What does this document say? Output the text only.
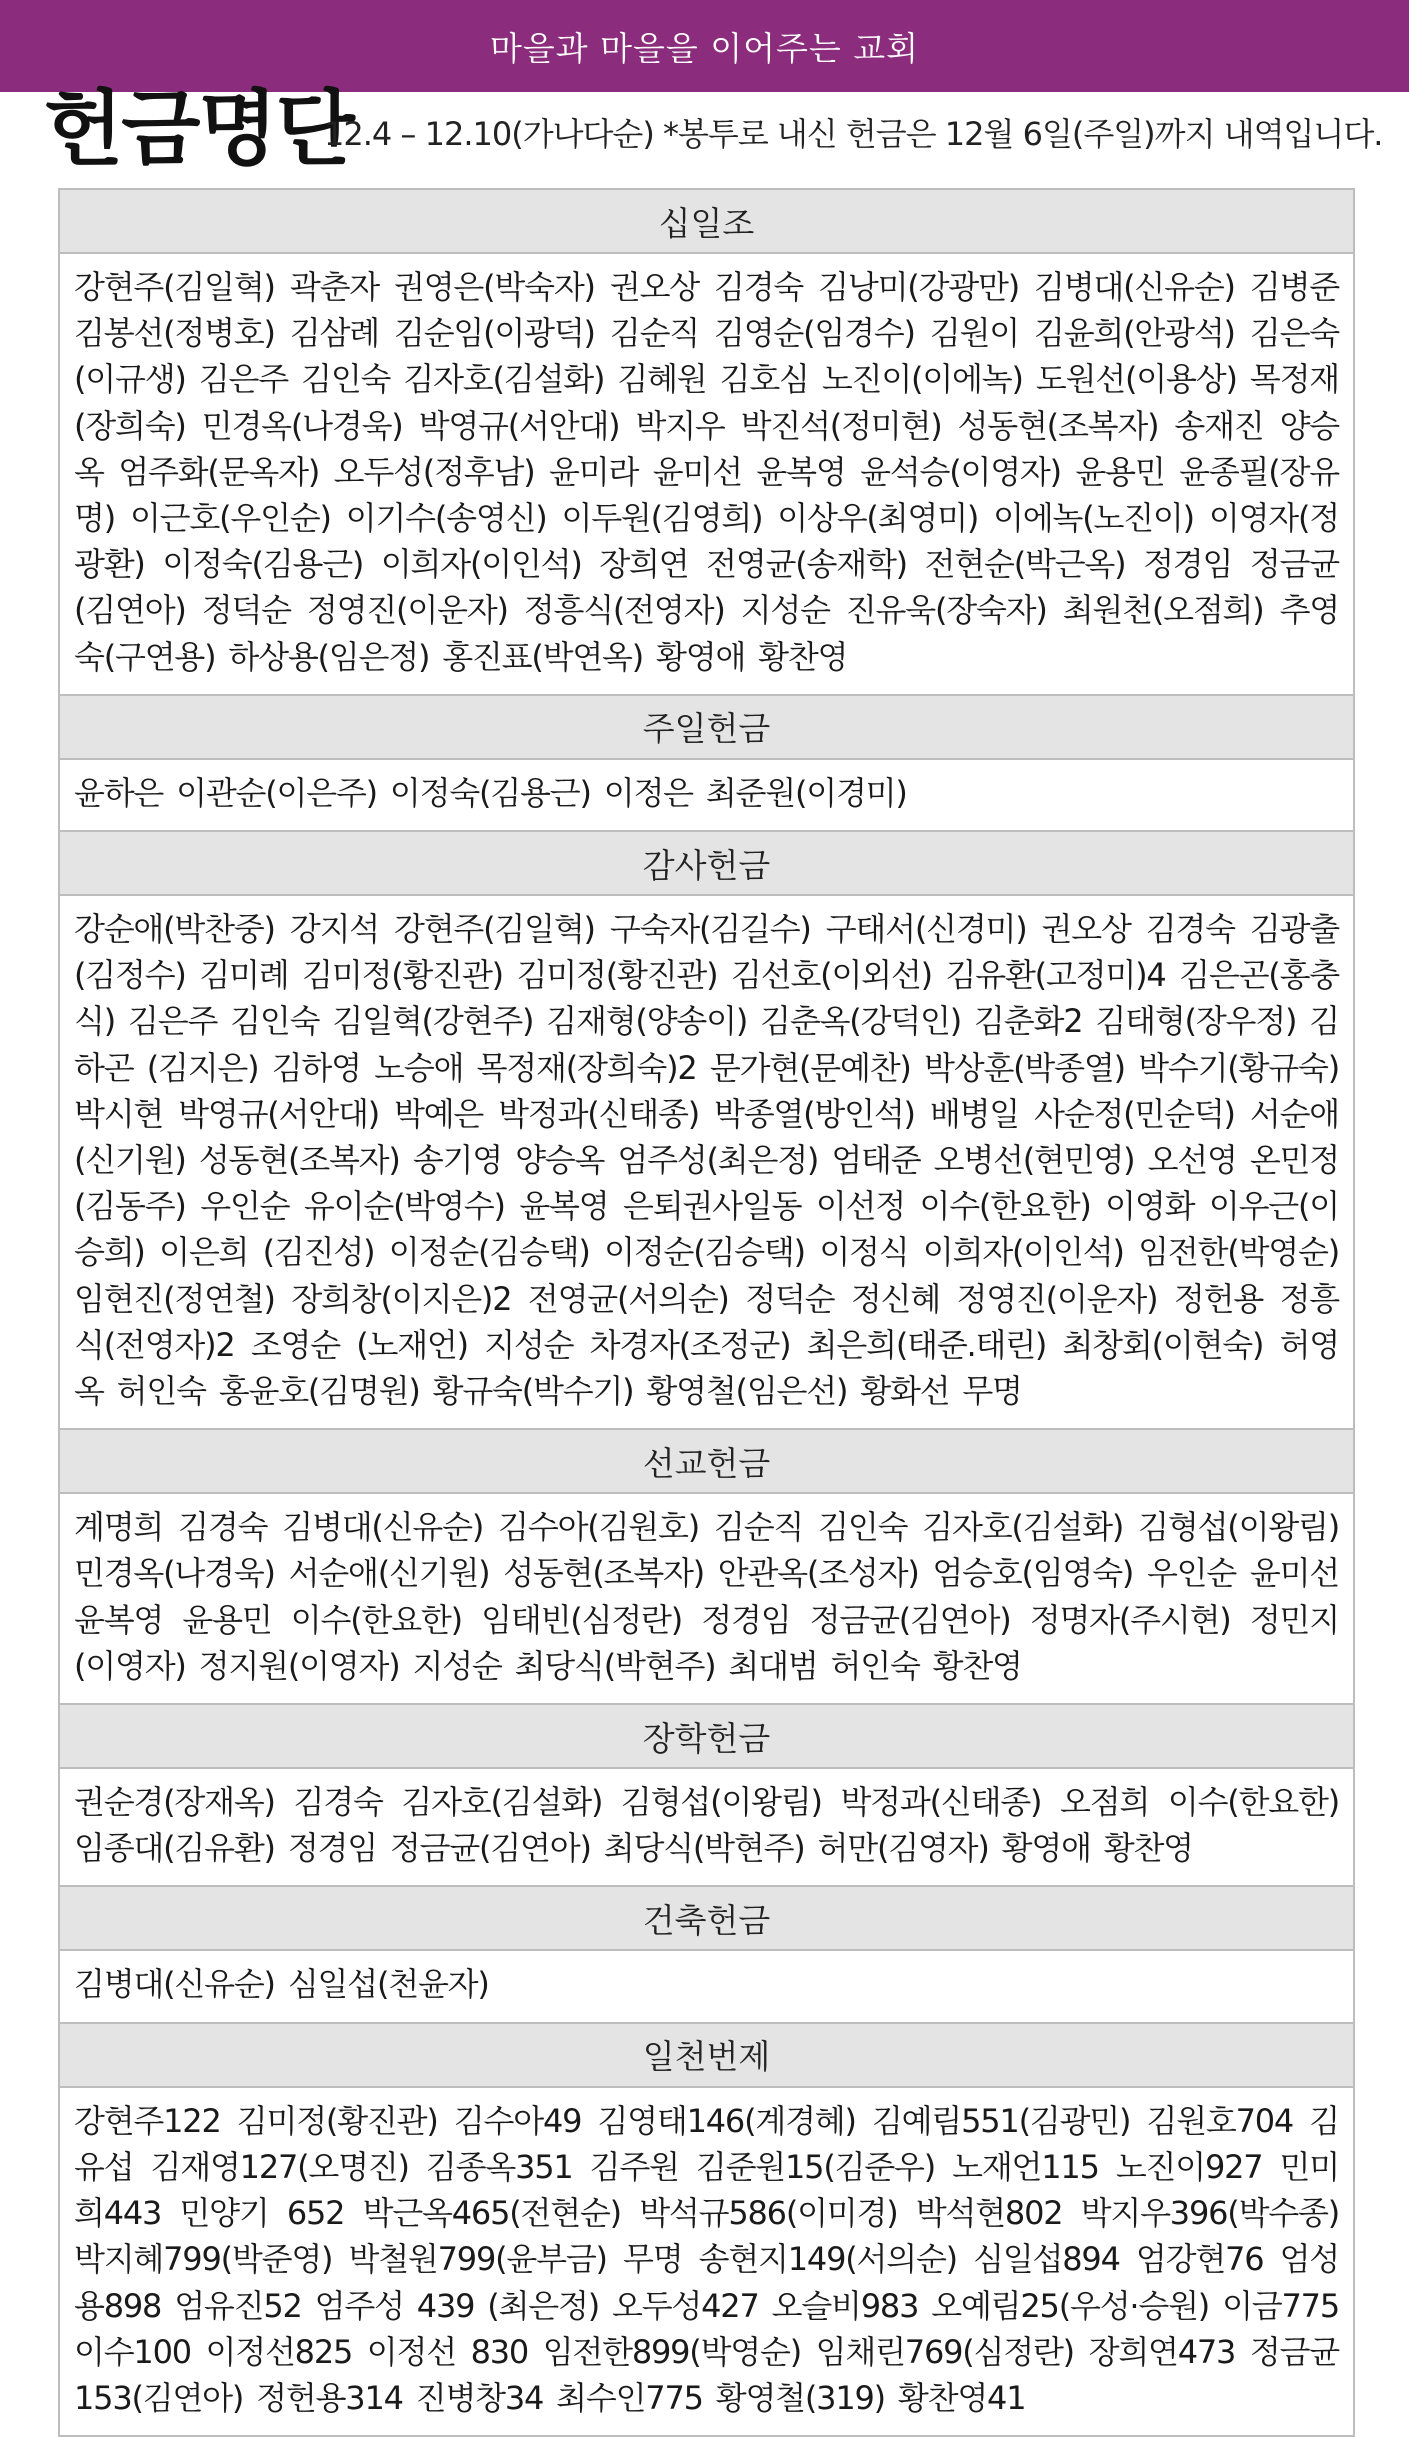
마을과 마을을 이어주는 교회
헌금명단
12.4 – 12.10(가나다순) *봉투로 내신 헌금은 12월 6일(주일)까지 내역입니다.
십일조
강현주(김일혁) 곽춘자 권영은(박숙자) 권오상 김경숙 김낭미(강광만) 김병대(신유순) 김병준 김봉선(정병호) 김삼례 김순임(이광덕) 김순직 김영순(임경수) 김원이 김윤희(안광석) 김은숙 (이규생) 김은주 김인숙 김자호(김설화) 김혜원 김호심 노진이(이에녹) 도원선(이용상) 목정재 (장희숙) 민경옥(나경욱) 박영규(서안대) 박지우 박진석(정미현) 성동현(조복자) 송재진 양승옥 엄주화(문옥자) 오두성(정후남) 윤미라 윤미선 윤복영 윤석승(이영자) 윤용민 윤종필(장유명) 이근호(우인순) 이기수(송영신) 이두원(김영희) 이상우(최영미) 이에녹(노진이) 이영자(정광환) 이정숙(김용근) 이희자(이인석) 장희연 전영균(송재학) 전현순(박근옥) 정경임 정금균(김연아) 정덕순 정영진(이운자) 정흥식(전영자) 지성순 진유욱(장숙자) 최원천(오점희) 추영숙(구연용) 하상용(임은정) 홍진표(박연옥) 황영애 황찬영
주일헌금
윤하은 이관순(이은주) 이정숙(김용근) 이정은 최준원(이경미)
감사헌금
강순애(박찬중) 강지석 강현주(김일혁) 구숙자(김길수) 구태서(신경미) 권오상 김경숙 김광출 (김정수) 김미례 김미정(황진관) 김미정(황진관) 김선호(이외선) 김유환(고정미)4 김은곤(홍충식) 김은주 김인숙 김일혁(강현주) 김재형(양송이) 김춘옥(강덕인) 김춘화2 김태형(장우정) 김하곤 (김지은) 김하영 노승애 목정재(장희숙)2 문가현(문예찬) 박상훈(박종열) 박수기(황규숙) 박시현 박영규(서안대) 박예은 박정과(신태종) 박종열(방인석) 배병일 사순정(민순덕) 서순애(신기원) 성동현(조복자) 송기영 양승옥 엄주성(최은정) 엄태준 오병선(현민영) 오선영 온민정(김동주) 우인순 유이순(박영수) 윤복영 은퇴권사일동 이선정 이수(한요한) 이영화 이우근(이승희) 이은희 (김진성) 이정순(김승택) 이정순(김승택) 이정식 이희자(이인석) 임전한(박영순) 임현진(정연철) 장희창(이지은)2 전영균(서의순) 정덕순 정신혜 정영진(이운자) 정헌용 정흥식(전영자)2 조영순 (노재언) 지성순 차경자(조정군) 최은희(태준.태린) 최창회(이현숙) 허영옥 허인숙 홍윤호(김명원) 황규숙(박수기) 황영철(임은선) 황화선 무명
선교헌금
계명희 김경숙 김병대(신유순) 김수아(김원호) 김순직 김인숙 김자호(김설화) 김형섭(이왕림) 민경옥(나경욱) 서순애(신기원) 성동현(조복자) 안관옥(조성자) 엄승호(임영숙) 우인순 윤미선 윤복영 윤용민 이수(한요한) 임태빈(심정란) 정경임 정금균(김연아) 정명자(주시현) 정민지 (이영자) 정지원(이영자) 지성순 최당식(박현주) 최대범 허인숙 황찬영
장학헌금
권순경(장재옥) 김경숙 김자호(김설화) 김형섭(이왕림) 박정과(신태종) 오점희 이수(한요한) 임종대(김유환) 정경임 정금균(김연아) 최당식(박현주) 허만(김영자) 황영애 황찬영
건축헌금
김병대(신유순) 심일섭(천윤자)
일천번제
강현주122 김미정(황진관) 김수아49 김영태146(계경혜) 김예림551(김광민) 김원호704 김유섭 김재영127(오명진) 김종옥351 김주원 김준원15(김준우) 노재언115 노진이927 민미희443 민양기 652 박근옥465(전현순) 박석규586(이미경) 박석현802 박지우396(박수종) 박지혜799(박준영) 박철원799(윤부금) 무명 송현지149(서의순) 심일섭894 엄강현76 엄성용898 엄유진52 엄주성 439 (최은정) 오두성427 오슬비983 오예림25(우성·승원) 이금775 이수100 이정선825 이정선 830 임전한899(박영순) 임채린769(심정란) 장희연473 정금균153(김연아) 정헌용314 진병창34 최수인775 황영철(319) 황찬영41
